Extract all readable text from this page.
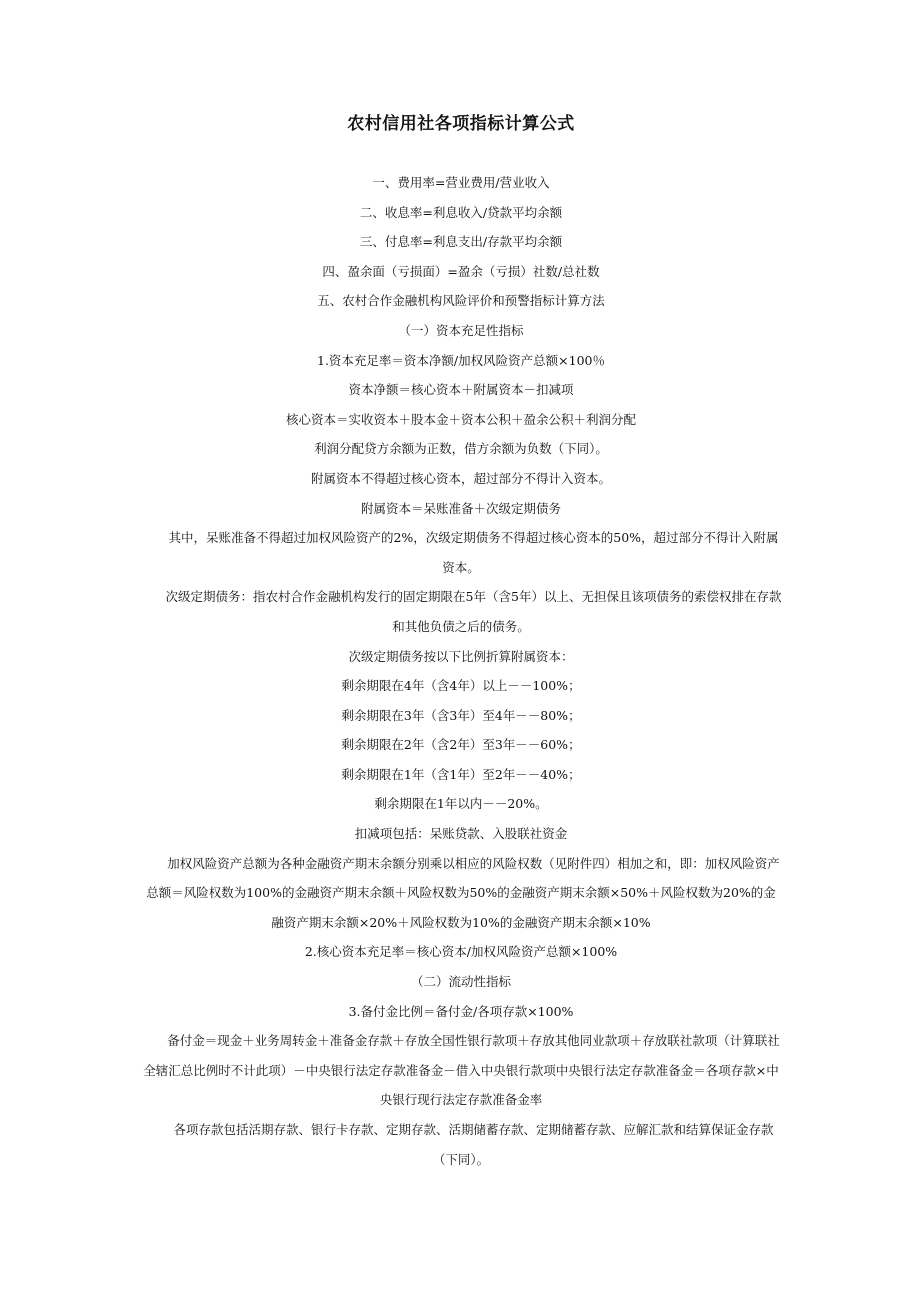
农村信用社各项指标计算公式

一、费用率=营业费用/营业收入

二、收息率=利息收入/贷款平均余额

三、付息率=利息支出/存款平均余额

四、盈余面（亏损面）=盈余（亏损）社数/总社数

五、农村合作金融机构风险评价和预警指标计算方法

（一）资本充足性指标

1.资本充足率＝资本净额/加权风险资产总额×100％

资本净额＝核心资本＋附属资本－扣减项

核心资本＝实收资本＋股本金＋资本公积＋盈余公积＋利润分配

利润分配贷方余额为正数，借方余额为负数（下同）。

附属资本不得超过核心资本，超过部分不得计入资本。

附属资本＝呆账准备＋次级定期债务

其中，呆账准备不得超过加权风险资产的2%，次级定期债务不得超过核心资本的50%，超过部分不得计入附属资本。

次级定期债务：指农村合作金融机构发行的固定期限在5年（含5年）以上、无担保且该项债务的索偿权排在存款和其他负债之后的债务。

次级定期债务按以下比例折算附属资本：

剩余期限在4年（含4年）以上－－100%；

剩余期限在3年（含3年）至4年－－80%；

剩余期限在2年（含2年）至3年－－60%；

剩余期限在1年（含1年）至2年－－40%；

剩余期限在1年以内－－20%。

扣减项包括：呆账贷款、入股联社资金

加权风险资产总额为各种金融资产期末余额分别乘以相应的风险权数（见附件四）相加之和，即：加权风险资产总额＝风险权数为100%的金融资产期末余额＋风险权数为50%的金融资产期末余额×50%＋风险权数为20%的金融资产期末余额×20%＋风险权数为10%的金融资产期末余额×10%

2.核心资本充足率＝核心资本/加权风险资产总额×100%

（二）流动性指标

3.备付金比例＝备付金/各项存款×100%

备付金＝现金＋业务周转金＋准备金存款＋存放全国性银行款项＋存放其他同业款项＋存放联社款项（计算联社全辖汇总比例时不计此项）－中央银行法定存款准备金－借入中央银行款项中央银行法定存款准备金＝各项存款×中央银行现行法定存款准备金率

各项存款包括活期存款、银行卡存款、定期存款、活期储蓄存款、定期储蓄存款、应解汇款和结算保证金存款（下同）。
